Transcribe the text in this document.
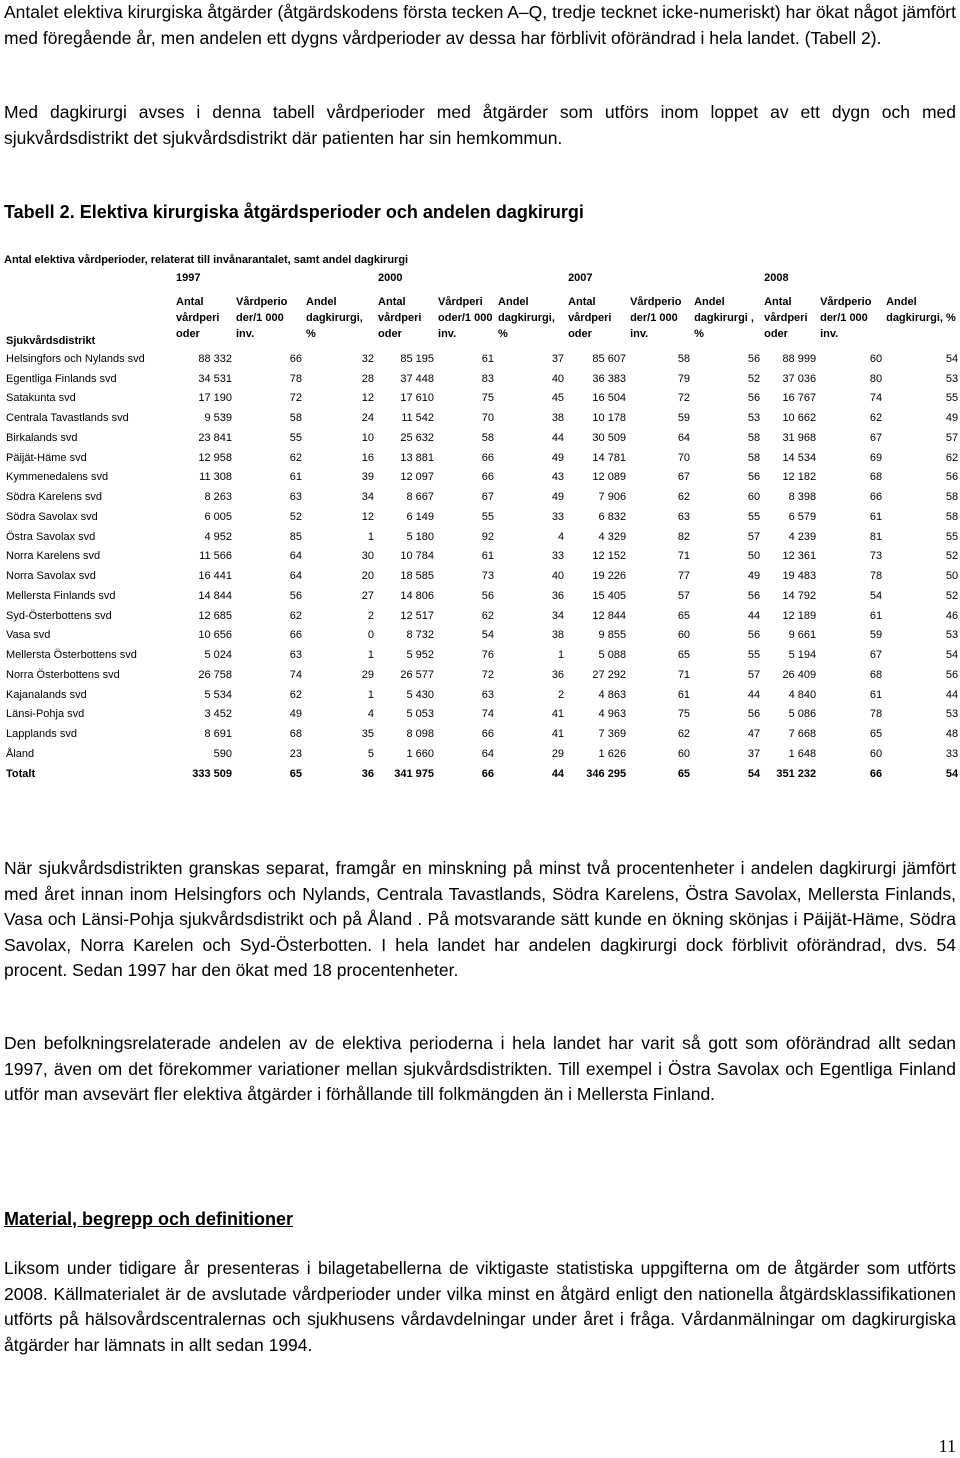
Antalet elektiva kirurgiska åtgärder (åtgärdskodens första tecken A–Q, tredje tecknet icke-numeriskt) har ökat något jämfört med föregående år, men andelen ett dygns vårdperioder av dessa har förblivit oförändrad i hela landet. (Tabell 2).

Med dagkirurgi avses i denna tabell vårdperioder med åtgärder som utförs inom loppet av ett dygn och med sjukvårdsdistrikt det sjukvårdsdistrikt där patienten har sin hemkommun.

Tabell 2. Elektiva kirurgiska åtgärdsperioder och andelen dagkirurgi

Antal elektiva vårdperioder, relaterat till invånarantalet, samt andel dagkirurgi
	1997			2000			2007			2008		
Sjukvårdsdistrikt	Antal vårdperi oder	Vårdperio der/1 000 inv.	Andel dagkirurgi, %	Antal vårdperi oder	Vårdperi oder/1 000 inv.	Andel dagkirurgi, %	Antal vårdperi oder	Vårdperio der/1 000 inv.	Andel dagkirurgi , %	Antal vårdperi oder	Vårdperio der/1 000 inv.	Andel dagkirurgi, %
Helsingfors och Nylands svd	88 332	66	32	85 195	61	37	85 607	58	56	88 999	60	54
Egentliga Finlands svd	34 531	78	28	37 448	83	40	36 383	79	52	37 036	80	53
Satakunta svd	17 190	72	12	17 610	75	45	16 504	72	56	16 767	74	55
Centrala Tavastlands svd	9 539	58	24	11 542	70	38	10 178	59	53	10 662	62	49
Birkalands svd	23 841	55	10	25 632	58	44	30 509	64	58	31 968	67	57
Päijät-Häme svd	12 958	62	16	13 881	66	49	14 781	70	58	14 534	69	62
Kymmenedalens svd	11 308	61	39	12 097	66	43	12 089	67	56	12 182	68	56
Södra Karelens svd	8 263	63	34	8 667	67	49	7 906	62	60	8 398	66	58
Södra Savolax svd	6 005	52	12	6 149	55	33	6 832	63	55	6 579	61	58
Östra Savolax svd	4 952	85	1	5 180	92	4	4 329	82	57	4 239	81	55
Norra Karelens svd	11 566	64	30	10 784	61	33	12 152	71	50	12 361	73	52
Norra Savolax svd	16 441	64	20	18 585	73	40	19 226	77	49	19 483	78	50
Mellersta Finlands svd	14 844	56	27	14 806	56	36	15 405	57	56	14 792	54	52
Syd-Österbottens svd	12 685	62	2	12 517	62	34	12 844	65	44	12 189	61	46
Vasa svd	10 656	66	0	8 732	54	38	9 855	60	56	9 661	59	53
Mellersta Österbottens svd	5 024	63	1	5 952	76	1	5 088	65	55	5 194	67	54
Norra Österbottens svd	26 758	74	29	26 577	72	36	27 292	71	57	26 409	68	56
Kajanalands svd	5 534	62	1	5 430	63	2	4 863	61	44	4 840	61	44
Länsi-Pohja svd	3 452	49	4	5 053	74	41	4 963	75	56	5 086	78	53
Lapplands svd	8 691	68	35	8 098	66	41	7 369	62	47	7 668	65	48
Åland	590	23	5	1 660	64	29	1 626	60	37	1 648	60	33
Totalt	333 509	65	36	341 975	66	44	346 295	65	54	351 232	66	54

När sjukvårdsdistrikten granskas separat, framgår en minskning på minst två procentenheter i andelen dagkirurgi jämfört med året innan inom Helsingfors och Nylands, Centrala Tavastlands, Södra Karelens, Östra Savolax, Mellersta Finlands, Vasa och Länsi-Pohja sjukvårdsdistrikt och på Åland . På motsvarande sätt kunde en ökning skönjas i Päijät-Häme, Södra Savolax, Norra Karelen och Syd-Österbotten. I hela landet har andelen dagkirurgi dock förblivit oförändrad, dvs. 54 procent. Sedan 1997 har den ökat med 18 procentenheter.

Den befolkningsrelaterade andelen av de elektiva perioderna i hela landet har varit så gott som oförändrad allt sedan 1997, även om det förekommer variationer mellan sjukvårdsdistrikten. Till exempel i Östra Savolax och Egentliga Finland utför man avsevärt fler elektiva åtgärder i förhållande till folkmängden än i Mellersta Finland.

Material, begrepp och definitioner

Liksom under tidigare år presenteras i bilagetabellerna de viktigaste statistiska uppgifterna om de åtgärder som utförts 2008. Källmaterialet är de avslutade vårdperioder under vilka minst en åtgärd enligt den nationella åtgärdsklassifikationen utförts på hälsovårdscentralernas och sjukhusens vårdavdelningar under året i fråga. Vårdanmälningar om dagkirurgiska åtgärder har lämnats in allt sedan 1994.

11
